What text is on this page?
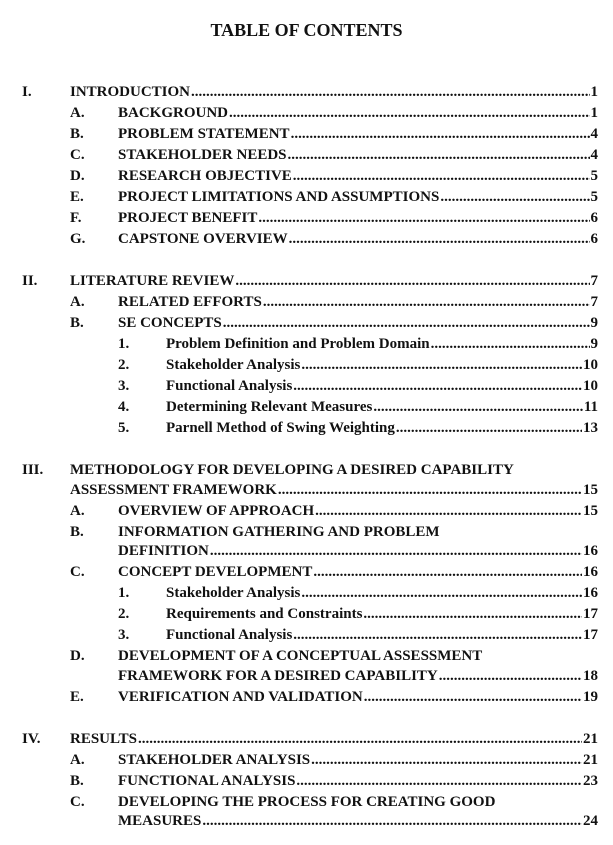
TABLE OF CONTENTS
I.	INTRODUCTION .....	1
A. BACKGROUND .....	1
B. PROBLEM STATEMENT .....	4
C. STAKEHOLDER NEEDS .....	4
D. RESEARCH OBJECTIVE .....	5
E. PROJECT LIMITATIONS AND ASSUMPTIONS .....	5
F. PROJECT BENEFIT .....	6
G. CAPSTONE OVERVIEW .....	6
II. LITERATURE REVIEW .....	7
A. RELATED EFFORTS .....	7
B. SE CONCEPTS .....	9
1. Problem Definition and Problem Domain .....	9
2. Stakeholder Analysis .....	10
3. Functional Analysis .....	10
4. Determining Relevant Measures .....	11
5. Parnell Method of Swing Weighting .....	13
III. METHODOLOGY FOR DEVELOPING A DESIRED CAPABILITY
ASSESSMENT FRAMEWORK .....	15
A. OVERVIEW OF APPROACH .....	15
B. INFORMATION GATHERING AND PROBLEM
DEFINITION .....	16
C. CONCEPT DEVELOPMENT .....	16
1. Stakeholder Analysis .....	16
2. Requirements and Constraints .....	17
3. Functional Analysis .....	17
D. DEVELOPMENT OF A CONCEPTUAL ASSESSMENT
FRAMEWORK FOR A DESIRED CAPABILITY .....	18
E. VERIFICATION AND VALIDATION .....	19
IV. RESULTS .....	21
A. STAKEHOLDER ANALYSIS .....	21
B. FUNCTIONAL ANALYSIS .....	23
C. DEVELOPING THE PROCESS FOR CREATING GOOD
MEASURES .....	24
